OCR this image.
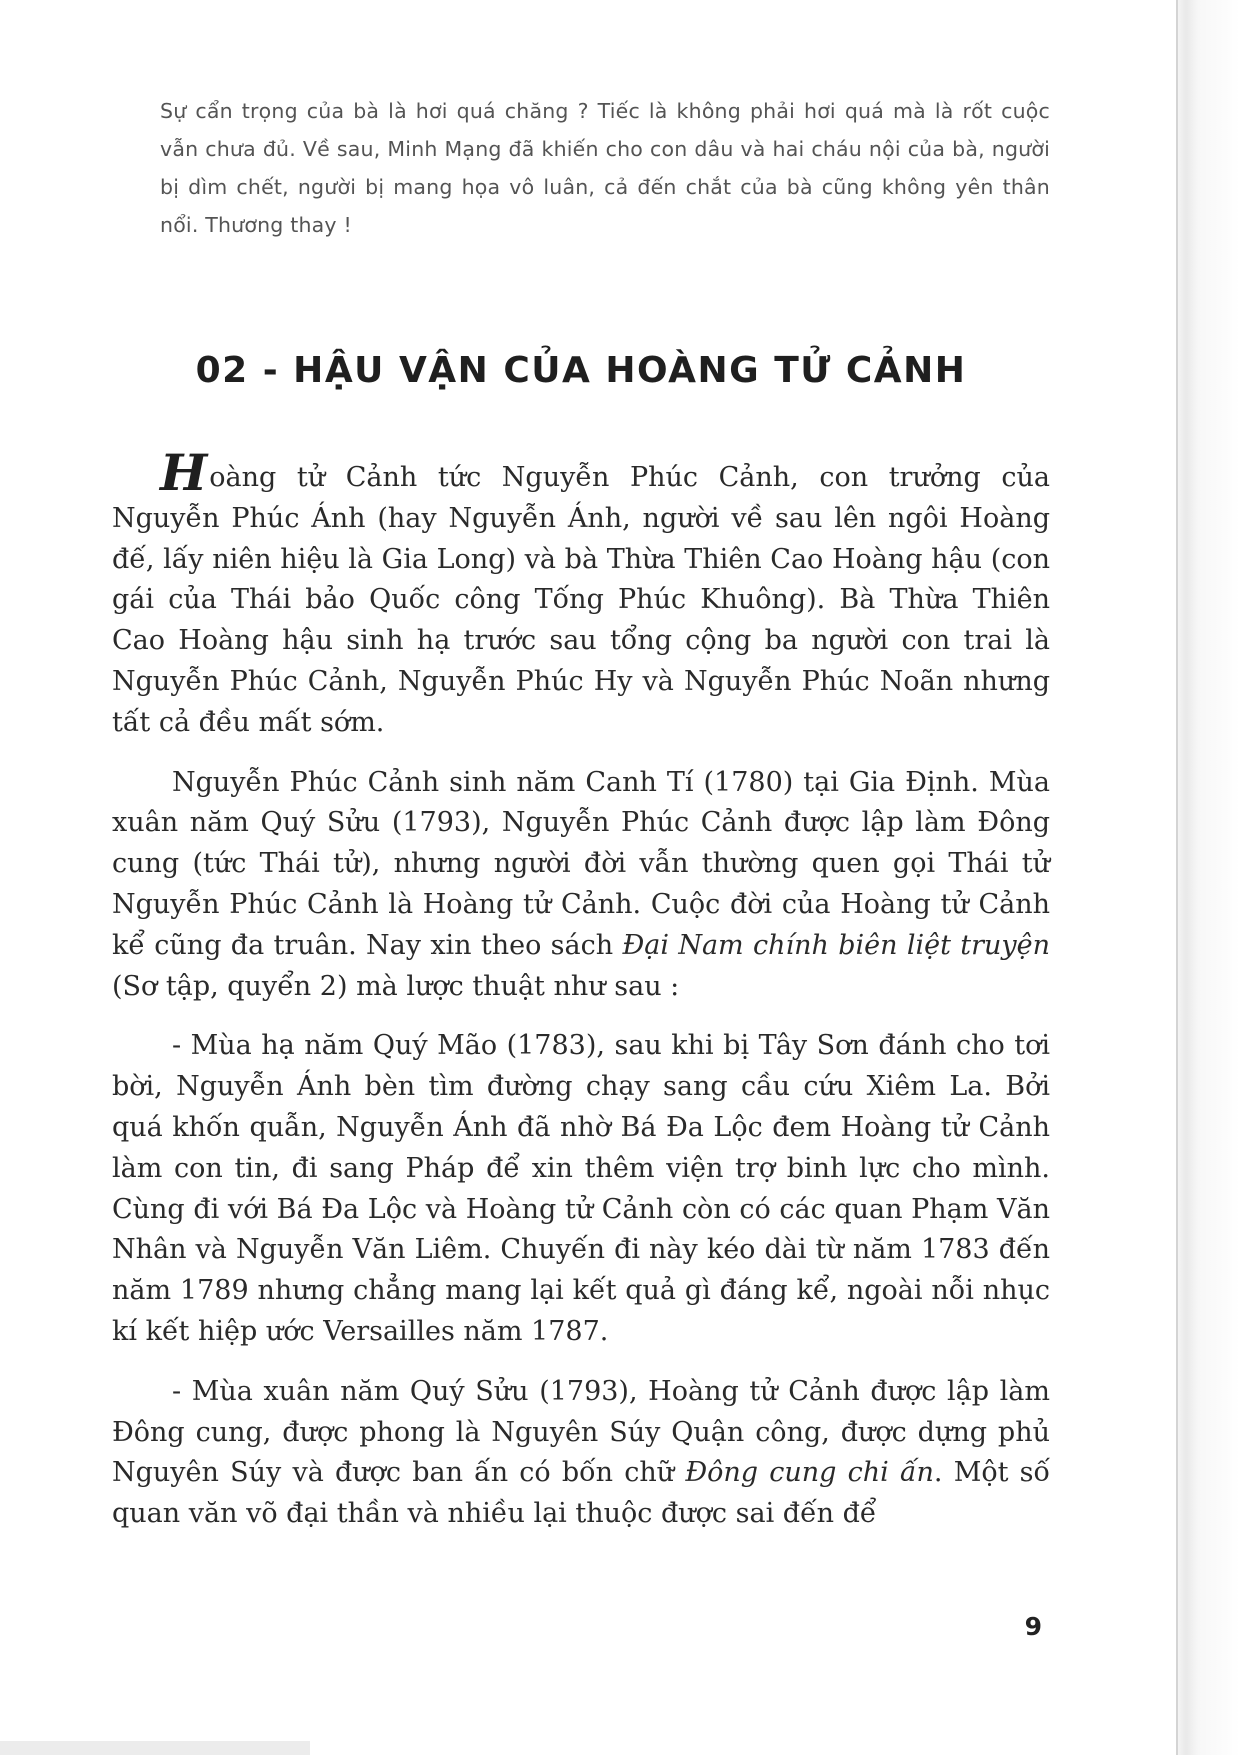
Sự cẩn trọng của bà là hơi quá chăng ? Tiếc là không phải hơi quá mà là rốt cuộc vẫn chưa đủ. Về sau, Minh Mạng đã khiến cho con dâu và hai cháu nội của bà, người bị dìm chết, người bị mang họa vô luân, cả đến chắt của bà cũng không yên thân nổi. Thương thay !

02 - HẬU VẬN CỦA HOÀNG TỬ CẢNH

Hoàng tử Cảnh tức Nguyễn Phúc Cảnh, con trưởng của Nguyễn Phúc Ánh (hay Nguyễn Ánh, người về sau lên ngôi Hoàng đế, lấy niên hiệu là Gia Long) và bà Thừa Thiên Cao Hoàng hậu (con gái của Thái bảo Quốc công Tống Phúc Khuông). Bà Thừa Thiên Cao Hoàng hậu sinh hạ trước sau tổng cộng ba người con trai là Nguyễn Phúc Cảnh, Nguyễn Phúc Hy và Nguyễn Phúc Noãn nhưng tất cả đều mất sớm.

Nguyễn Phúc Cảnh sinh năm Canh Tí (1780) tại Gia Định. Mùa xuân năm Quý Sửu (1793), Nguyễn Phúc Cảnh được lập làm Đông cung (tức Thái tử), nhưng người đời vẫn thường quen gọi Thái tử Nguyễn Phúc Cảnh là Hoàng tử Cảnh. Cuộc đời của Hoàng tử Cảnh kể cũng đa truân. Nay xin theo sách Đại Nam chính biên liệt truyện (Sơ tập, quyển 2) mà lược thuật như sau :

- Mùa hạ năm Quý Mão (1783), sau khi bị Tây Sơn đánh cho tơi bời, Nguyễn Ánh bèn tìm đường chạy sang cầu cứu Xiêm La. Bởi quá khốn quẫn, Nguyễn Ánh đã nhờ Bá Đa Lộc đem Hoàng tử Cảnh làm con tin, đi sang Pháp để xin thêm viện trợ binh lực cho mình. Cùng đi với Bá Đa Lộc và Hoàng tử Cảnh còn có các quan Phạm Văn Nhân và Nguyễn Văn Liêm. Chuyến đi này kéo dài từ năm 1783 đến năm 1789 nhưng chẳng mang lại kết quả gì đáng kể, ngoài nỗi nhục kí kết hiệp ước Versailles năm 1787.

- Mùa xuân năm Quý Sửu (1793), Hoàng tử Cảnh được lập làm Đông cung, được phong là Nguyên Súy Quận công, được dựng phủ Nguyên Súy và được ban ấn có bốn chữ Đông cung chi ấn. Một số quan văn võ đại thần và nhiều lại thuộc được sai đến để

9
